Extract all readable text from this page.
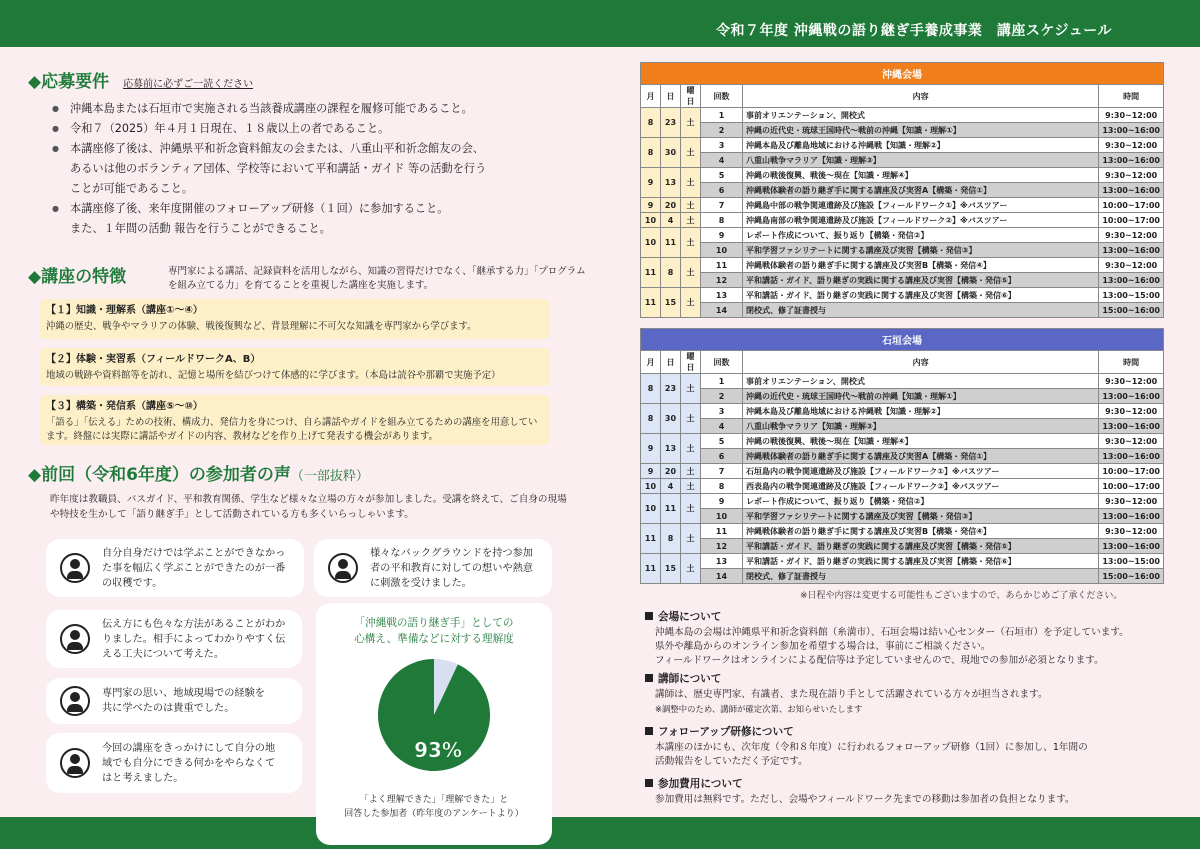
令和７年度 沖縄戦の語り継ぎ手養成事業　講座スケジュール
◆応募要件 応募前に必ずご一読ください
● 沖縄本島または石垣市で実施される当該養成講座の課程を履修可能であること。
● 令和７（2025）年４月１日現在、１８歳以上の者であること。
● 本講座修了後は、沖縄県平和祈念資料館友の会または、八重山平和祈念館友の会、
あるいは他のボランティア団体、学校等において平和講話・ガイド 等の活動を行う
ことが可能であること。
● 本講座修了後、来年度開催のフォローアップ研修（１回）に参加すること。
また、１年間の活動 報告を行うことができること。
◆講座の特徴	専門家による講話、記録資料を活用しながら、知識の習得だけでなく、「継承する力」「プログラムを組み立てる力」を育てることを重視した講座を実施します。
【１】知識・理解系（講座①～④）
沖縄の歴史、戦争やマラリアの体験、戦後復興など、背景理解に不可欠な知識を専門家から学びます。
【２】体験・実習系（フィールドワークA、B）
地域の戦跡や資料館等を訪れ、記憶と場所を結びつけて体感的に学びます。（本島は読谷や那覇で実施予定）
【３】構築・発信系（講座⑤～⑩）
「語る」「伝える」ための技術、構成力、発信力を身につけ、自ら講話やガイドを組み立てるための講座を用意しています。終盤には実際に講話やガイドの内容、教材などを作り上げて発表する機会があります。
◆前回（令和6年度）の参加者の声（一部抜粋）
昨年度は教職員、バスガイド、平和教育関係、学生など様々な立場の方々が参加しました。受講を終えて、ご自身の現場や特技を生かして「語り継ぎ手」として活動されている方も多くいらっしゃいます。
自分自身だけでは学ぶことができなかった事を幅広く学ぶことができたのが一番の収穫です。
伝え方にも色々な方法があることがわかりました。相手によってわかりやすく伝える工夫について考えた。
専門家の思い、地域現場での経験を共に学べたのは貴重でした。
今回の講座をきっかけにして自分の地域でも自分にできる何かをやらなくてはと考えました。
様々なバックグラウンドを持つ参加者の平和教育に対しての想いや熱意に刺激を受けました。
「沖縄戦の語り継ぎ手」としての
心構え、準備などに対する理解度
93%
「よく理解できた」「理解できた」と
回答した参加者（昨年度のアンケートより）
沖縄会場					
月	日	曜日	回数	内容	時間
8	23	土	1	事前オリエンテーション、開校式	9:30~12:00
			2	沖縄の近代史・琉球王国時代～戦前の沖縄【知識・理解①】	13:00~16:00
8	30	土	3	沖縄本島及び離島地域における沖縄戦【知識・理解②】	9:30~12:00
			4	八重山戦争マラリア【知識・理解③】	13:00~16:00
9	13	土	5	沖縄の戦後復興、戦後～現在【知識・理解④】	9:30~12:00
			6	沖縄戦体験者の語り継ぎ手に関する講座及び実習A【構築・発信①】	13:00~16:00
9	20	土	7	沖縄島中部の戦争関連遺跡及び施設【フィールドワーク①】※バスツアー	10:00~17:00
10	4	土	8	沖縄島南部の戦争関連遺跡及び施設【フィールドワーク②】※バスツアー	10:00~17:00
10	11	土	9	レポート作成について、振り返り【構築・発信②】	9:30~12:00
			10	平和学習ファシリテートに関する講座及び実習【構築・発信③】	13:00~16:00
11	8	土	11	沖縄戦体験者の語り継ぎ手に関する講座及び実習B【構築・発信④】	9:30~12:00
			12	平和講話・ガイド、語り継ぎの実践に関する講座及び実習【構築・発信⑤】	13:00~16:00
11	15	土	13	平和講話・ガイド、語り継ぎの実践に関する講座及び実習【構築・発信⑥】	13:00~15:00
			14	閉校式、修了証書授与	15:00~16:00
石垣会場					
月	日	曜日	回数	内容	時間
8	23	土	1	事前オリエンテーション、開校式	9:30~12:00
			2	沖縄の近代史・琉球王国時代～戦前の沖縄【知識・理解①】	13:00~16:00
8	30	土	3	沖縄本島及び離島地域における沖縄戦【知識・理解②】	9:30~12:00
			4	八重山戦争マラリア【知識・理解③】	13:00~16:00
9	13	土	5	沖縄の戦後復興、戦後～現在【知識・理解④】	9:30~12:00
			6	沖縄戦体験者の語り継ぎ手に関する講座及び実習A【構築・発信①】	13:00~16:00
9	20	土	7	石垣島内の戦争関連遺跡及び施設【フィールドワーク①】※バスツアー	10:00~17:00
10	4	土	8	西表島内の戦争関連遺跡及び施設【フィールドワーク②】※バスツアー	10:00~17:00
10	11	土	9	レポート作成について、振り返り【構築・発信②】	9:30~12:00
			10	平和学習ファシリテートに関する講座及び実習【構築・発信③】	13:00~16:00
11	8	土	11	沖縄戦体験者の語り継ぎ手に関する講座及び実習B【構築・発信④】	9:30~12:00
			12	平和講話・ガイド、語り継ぎの実践に関する講座及び実習【構築・発信⑤】	13:00~16:00
11	15	土	13	平和講話・ガイド、語り継ぎの実践に関する講座及び実習【構築・発信⑥】	13:00~15:00
			14	閉校式、修了証書授与	15:00~16:00
※日程や内容は変更する可能性もございますので、あらかじめご了承ください。
会場について
沖縄本島の会場は沖縄県平和祈念資料館（糸満市）、石垣会場は結い心センター（石垣市）を予定しています。
県外や離島からのオンライン参加を希望する場合は、事前にご相談ください。
フィールドワークはオンラインによる配信等は予定していませんので、現地での参加が必須となります。
講師について
講師は、歴史専門家、有識者、また現在語り手として活躍されている方々が担当されます。
※調整中のため、講師が確定次第、お知らせいたします
フォローアップ研修について
本講座のほかにも、次年度（令和８年度）に行われるフォローアップ研修（1回）に参加し、1年間の
活動報告をしていただく予定です。
参加費用について
参加費用は無料です。ただし、会場やフィールドワーク先までの移動は参加者の負担となります。
